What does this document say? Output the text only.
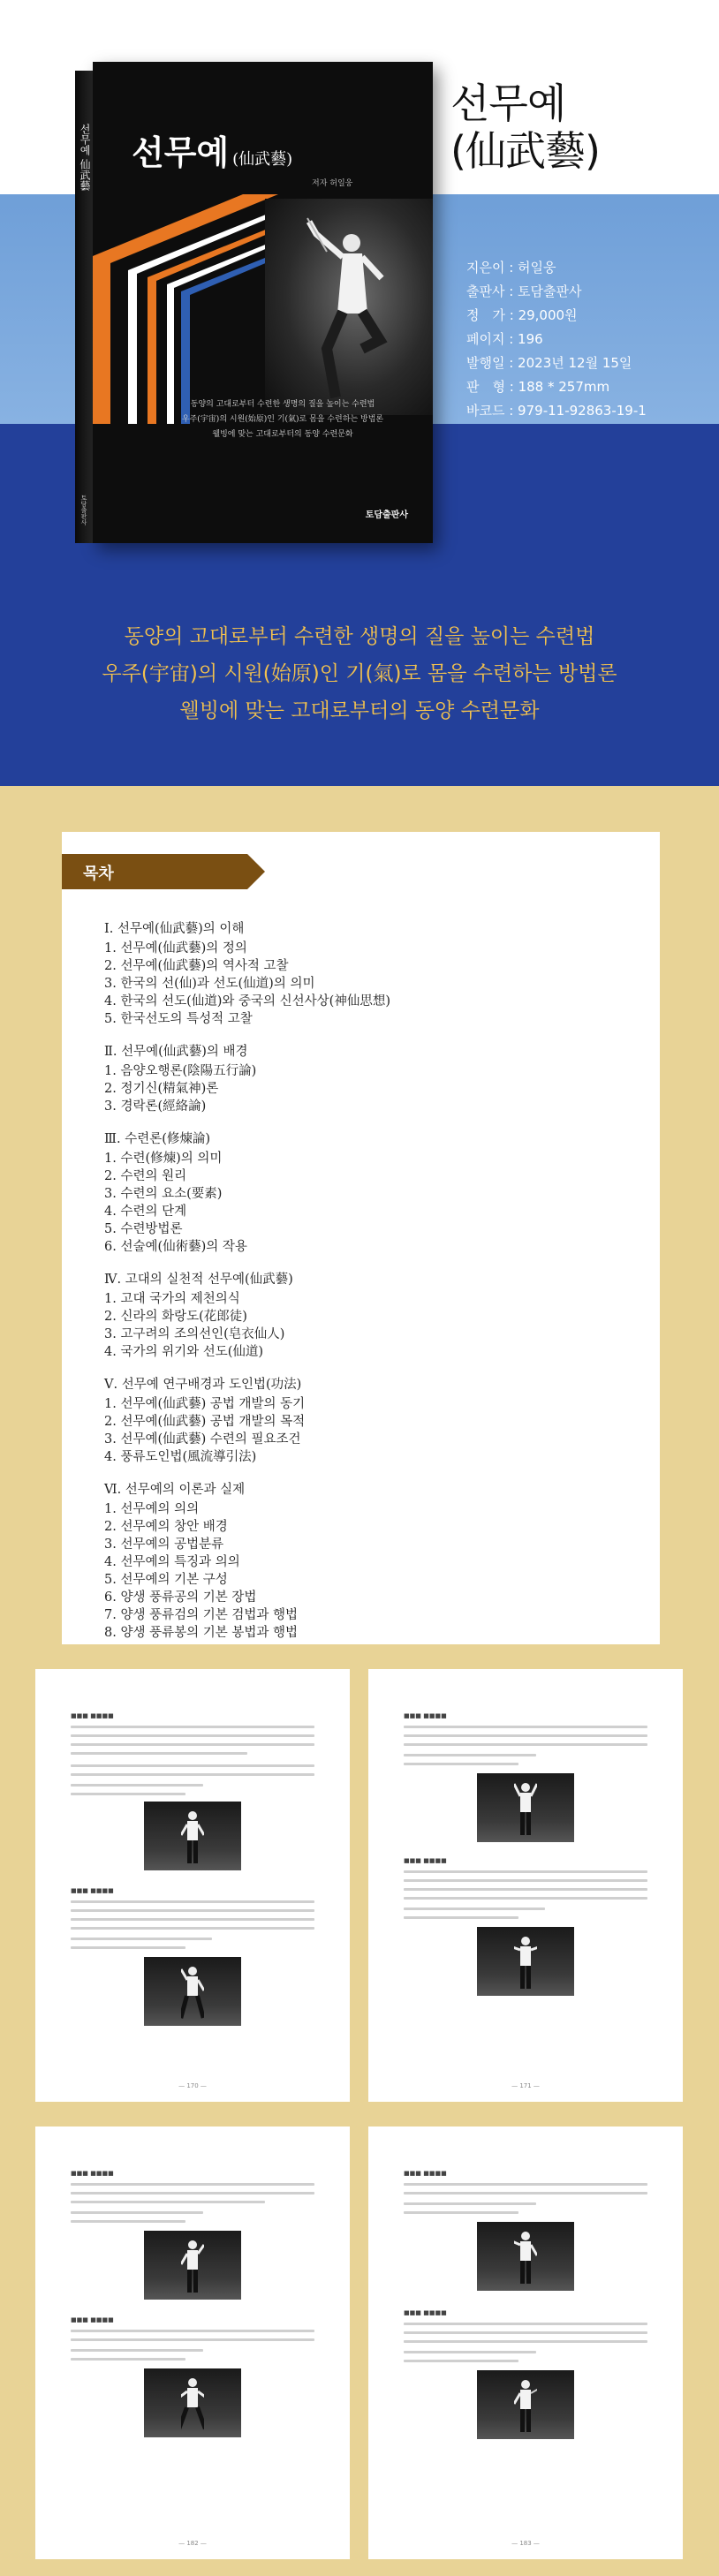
선무예 仙武藝
토담출판사
선무예 (仙武藝)
저자 허일웅
동양의 고대로부터 수련한 생명의 질을 높이는 수련법
우주(宇宙)의 시원(始原)인 기(氣)로 몸을 수련하는 방법론
웰빙에 맞는 고대로부터의 동양 수련문화
토담출판사
선무예
(仙武藝)
지은이 : 허일웅
출판사 : 토담출판사
정　가 : 29,000원
페이지 : 196
발행일 : 2023년 12월 15일
판　형 : 188 * 257mm
바코드 : 979-11-92863-19-1
동양의 고대로부터 수련한 생명의 질을 높이는 수련법
우주(宇宙)의 시원(始原)인 기(氣)로 몸을 수련하는 방법론
웰빙에 맞는 고대로부터의 동양 수련문화
목차
Ⅰ. 선무예(仙武藝)의 이해
1. 선무예(仙武藝)의 정의
2. 선무예(仙武藝)의 역사적 고찰
3. 한국의 선(仙)과 선도(仙道)의 의미
4. 한국의 선도(仙道)와 중국의 신선사상(神仙思想)
5. 한국선도의 특성적 고찰
Ⅱ. 선무예(仙武藝)의 배경
1. 음양오행론(陰陽五行論)
2. 정기신(精氣神)론
3. 경락론(經絡論)
Ⅲ. 수련론(修煉論)
1. 수련(修煉)의 의미
2. 수련의 원리
3. 수련의 요소(要素)
4. 수련의 단계
5. 수련방법론
6. 선술예(仙術藝)의 작용
Ⅳ. 고대의 실천적 선무예(仙武藝)
1. 고대 국가의 제천의식
2. 신라의 화랑도(花郎徒)
3. 고구려의 조의선인(皂衣仙人)
4. 국가의 위기와 선도(仙道)
Ⅴ. 선무예 연구배경과 도인법(功法)
1. 선무예(仙武藝) 공법 개발의 동기
2. 선무예(仙武藝) 공법 개발의 목적
3. 선무예(仙武藝) 수련의 필요조건
4. 풍류도인법(風流導引法)
Ⅵ. 선무예의 이론과 실제
1. 선무예의 의의
2. 선무예의 창안 배경
3. 선무예의 공법분류
4. 선무예의 특징과 의의
5. 선무예의 기본 구성
6. 양생 풍류공의 기본 장법
7. 양생 풍류검의 기본 검법과 행법
8. 양생 풍류봉의 기본 봉법과 행법
■■■ ■■■■
■■■ ■■■■
— 170 —
■■■ ■■■■
■■■ ■■■■
— 171 —
■■■ ■■■■
■■■ ■■■■
— 182 —
■■■ ■■■■
■■■ ■■■■
— 183 —
